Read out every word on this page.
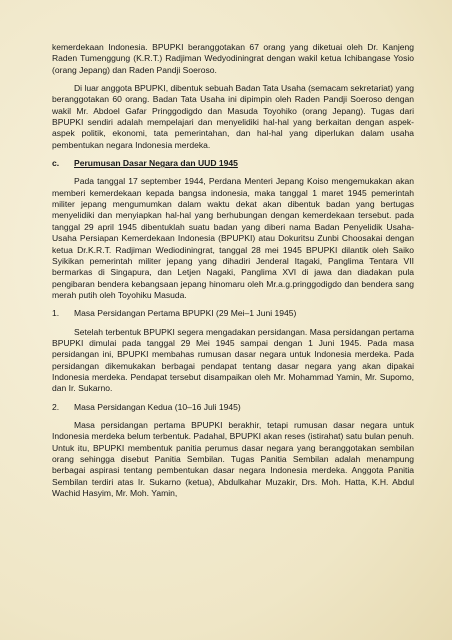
kemerdekaan Indonesia. BPUPKI beranggotakan 67 orang yang diketuai oleh Dr. Kanjeng Raden Tumenggung (K.R.T.) Radjiman Wedyodiningrat dengan wakil ketua Ichibangase Yosio (orang Jepang) dan Raden Pandji Soeroso.

Di luar anggota BPUPKI, dibentuk sebuah Badan Tata Usaha (semacam sekretariat) yang beranggotakan 60 orang. Badan Tata Usaha ini dipimpin oleh Raden Pandji Soeroso dengan wakil Mr. Abdoel Gafar Pringgodigdo dan Masuda Toyohiko (orang Jepang). Tugas dari BPUPKI sendiri adalah mempelajari dan menyelidiki hal-hal yang berkaitan dengan aspek-aspek politik, ekonomi, tata pemerintahan, dan hal-hal yang diperlukan dalam usaha pembentukan negara Indonesia merdeka.

c.	Perumusan Dasar Negara dan UUD 1945

Pada tanggal 17 september 1944, Perdana Menteri Jepang Koiso mengemukakan akan memberi kemerdekaan kepada bangsa indonesia, maka tanggal 1 maret 1945 pemerintah militer jepang mengumumkan dalam waktu dekat akan dibentuk badan yang bertugas menyelidiki dan menyiapkan hal-hal yang berhubungan dengan kemerdekaan tersebut. pada tanggal 29 april 1945 dibentuklah suatu badan yang diberi nama Badan Penyelidik Usaha-Usaha Persiapan Kemerdekaan Indonesia (BPUPKI) atau Dokuritsu Zunbi Choosakai dengan ketua Dr.K.R.T. Radjiman Wediodiningrat, tanggal 28 mei 1945 BPUPKI dilantik oleh Saiko Syikikan pemerintah militer jepang yang dihadiri Jenderal Itagaki, Panglima Tentara VII bermarkas di Singapura, dan Letjen Nagaki, Panglima XVI di jawa dan diadakan pula pengibaran bendera kebangsaan jepang hinomaru oleh Mr.a.g.pringgodigdo dan bendera sang merah putih oleh Toyohiku Masuda.

1.	Masa Persidangan Pertama BPUPKI (29 Mei–1 Juni 1945)

Setelah terbentuk BPUPKI segera mengadakan persidangan. Masa persidangan pertama BPUPKI dimulai pada tanggal 29 Mei 1945 sampai dengan 1 Juni 1945. Pada masa persidangan ini, BPUPKI membahas rumusan dasar negara untuk Indonesia merdeka. Pada persidangan dikemukakan berbagai pendapat tentang dasar negara yang akan dipakai Indonesia merdeka. Pendapat tersebut disampaikan oleh Mr. Mohammad Yamin, Mr. Supomo, dan Ir. Sukarno.

2.	Masa Persidangan Kedua (10–16 Juli 1945)

Masa persidangan pertama BPUPKI berakhir, tetapi rumusan dasar negara untuk Indonesia merdeka belum terbentuk. Padahal, BPUPKI akan reses (istirahat) satu bulan penuh. Untuk itu, BPUPKI membentuk panitia perumus dasar negara yang beranggotakan sembilan orang sehingga disebut Panitia Sembilan. Tugas Panitia Sembilan adalah menampung berbagai aspirasi tentang pembentukan dasar negara Indonesia merdeka. Anggota Panitia Sembilan terdiri atas Ir. Sukarno (ketua), Abdulkahar Muzakir, Drs. Moh. Hatta, K.H. Abdul Wachid Hasyim, Mr. Moh. Yamin,
